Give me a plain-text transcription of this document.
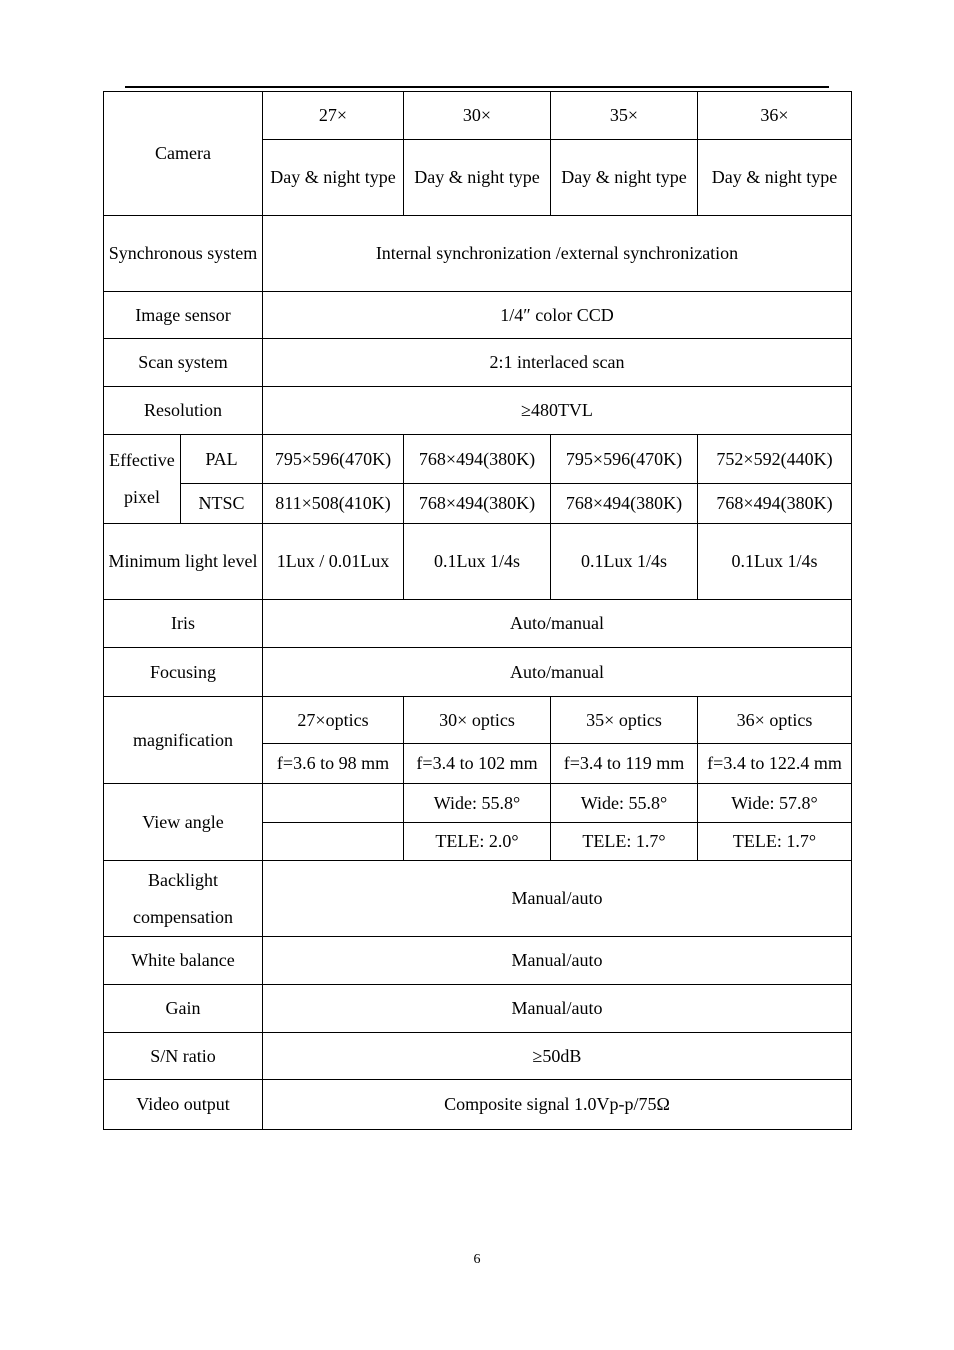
Camera		27×	30×	35×	36×
		Day & night type	Day & night type	Day & night type	Day & night type
Synchronous system		Internal synchronization /external synchronization			
Image sensor		1/4″ color CCD			
Scan system		2:1 interlaced scan			
Resolution		≥480TVL			
Effective pixel	PAL	795×596(470K)	768×494(380K)	795×596(470K)	752×592(440K)
	NTSC	811×508(410K)	768×494(380K)	768×494(380K)	768×494(380K)
Minimum light level		1Lux / 0.01Lux	0.1Lux 1/4s	0.1Lux 1/4s	0.1Lux 1/4s
Iris		Auto/manual			
Focusing		Auto/manual			
magnification		27×optics	30× optics	35× optics	36× optics
		f=3.6 to 98 mm	f=3.4 to 102 mm	f=3.4 to 119 mm	f=3.4 to 122.4 mm
View angle			Wide: 55.8°	Wide: 55.8°	Wide: 57.8°
			TELE: 2.0°	TELE: 1.7°	TELE: 1.7°
Backlight compensation		Manual/auto			
White balance		Manual/auto			
Gain		Manual/auto			
S/N ratio		≥50dB			
Video output		Composite signal 1.0Vp-p/75Ω			
6
